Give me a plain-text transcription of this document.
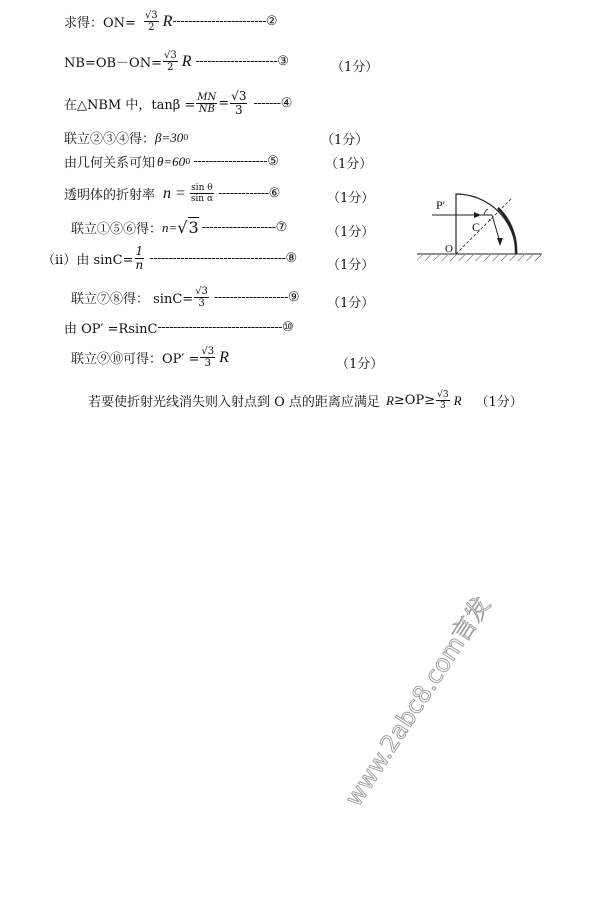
求得：$ON= \frac{√3}{2}$ R ------------------------ ②
$NB=OB-ON= \frac{√3}{2}$ R --------------------- ③	（1分）
在△NBM 中，$\tan\beta = \frac{MN}{NB} = \frac{√3}{3}$ ------- ④
联立②③④得： β=30 0	（1分）
由几何关系可知 θ=60 0 ------------------- ⑤	（1分）
透明体的折射率 $n = \frac{\text{sin θ}}{\text{sin α}}$ ------------- ⑥	（1分）
联立①⑤⑥得： n= √3 ------------------- ⑦	（1分）
（ii）由 $\sin C= \frac{1}{n}$ ----------------------------------- ⑧ （1分）
联立⑦⑧得： $\sin C= \frac{√3}{3}$ ------------------- ⑨ （1分）
由 OP′ =RsinC -------------------------------- ⑩
联立⑨⑩可得：$OP' = \frac{√3}{3}$ R	（1分）
若要使折射光线消失则入射点到 O 点的距离应满足 $R \ge OP\ge \frac{√3}{3}$ R （1分）
P′
C
O
www.2abc8.com
言发
